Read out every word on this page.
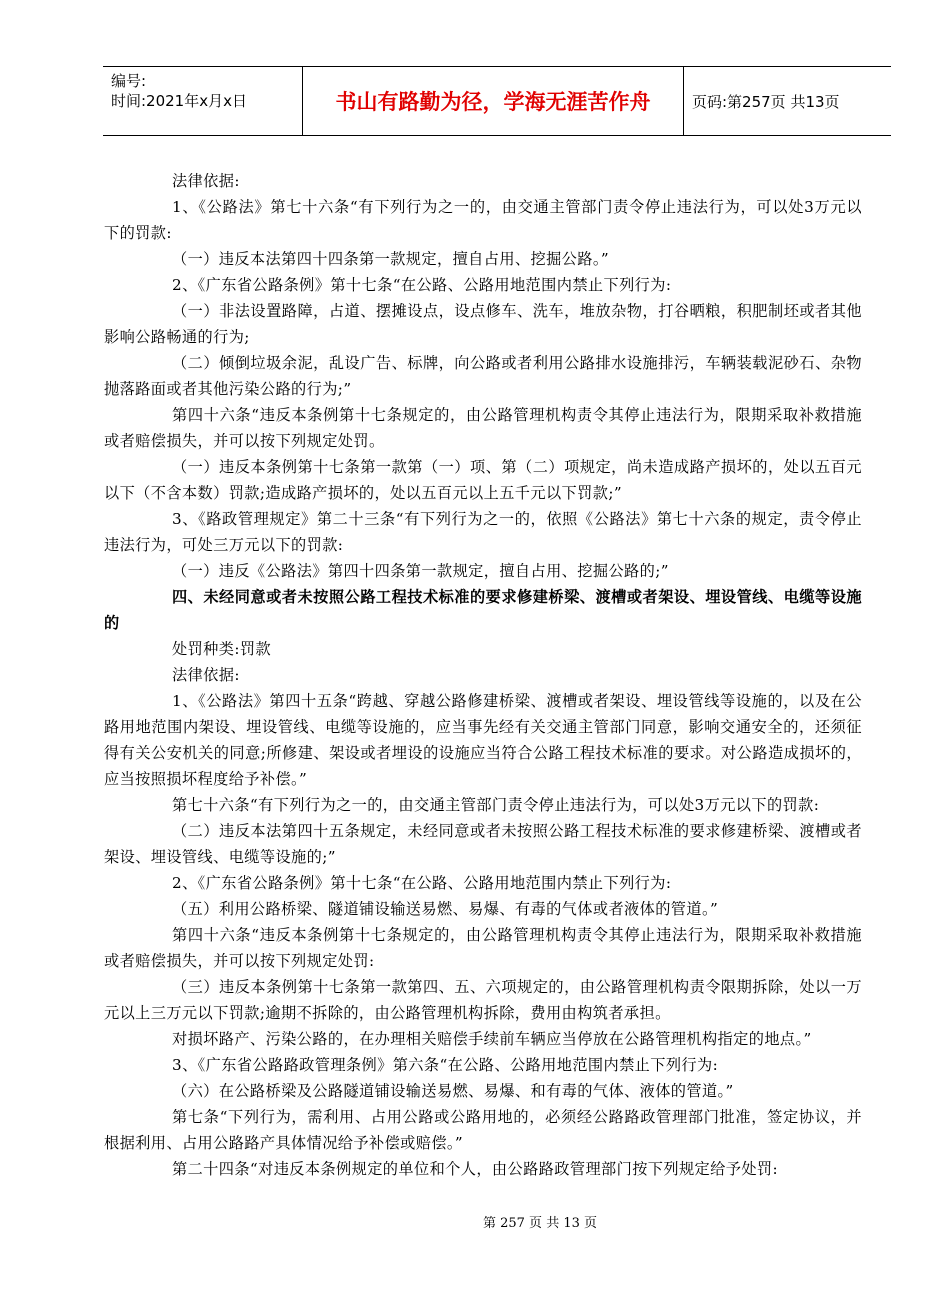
编号:
时间:2021年x月x日	书山有路勤为径，学海无涯苦作舟	页码:第257页 共13页

法律依据:

1、《公路法》第七十六条“有下列行为之一的，由交通主管部门责令停止违法行为，可以处3万元以下的罚款:

（一）违反本法第四十四条第一款规定，擅自占用、挖掘公路。”

2、《广东省公路条例》第十七条“在公路、公路用地范围内禁止下列行为:

（一）非法设置路障，占道、摆摊设点，设点修车、洗车，堆放杂物，打谷晒粮，积肥制坯或者其他影响公路畅通的行为;

（二）倾倒垃圾余泥，乱设广告、标牌，向公路或者利用公路排水设施排污，车辆装载泥砂石、杂物抛落路面或者其他污染公路的行为;”

第四十六条“违反本条例第十七条规定的，由公路管理机构责令其停止违法行为，限期采取补救措施或者赔偿损失，并可以按下列规定处罚。

（一）违反本条例第十七条第一款第（一）项、第（二）项规定，尚未造成路产损坏的，处以五百元以下（不含本数）罚款;造成路产损坏的，处以五百元以上五千元以下罚款;”

3、《路政管理规定》第二十三条“有下列行为之一的，依照《公路法》第七十六条的规定，责令停止违法行为，可处三万元以下的罚款:

（一）违反《公路法》第四十四条第一款规定，擅自占用、挖掘公路的;”

四、未经同意或者未按照公路工程技术标准的要求修建桥梁、渡槽或者架设、埋设管线、电缆等设施的

处罚种类:罚款

法律依据:

1、《公路法》第四十五条“跨越、穿越公路修建桥梁、渡槽或者架设、埋设管线等设施的，以及在公路用地范围内架设、埋设管线、电缆等设施的，应当事先经有关交通主管部门同意，影响交通安全的，还须征得有关公安机关的同意;所修建、架设或者埋设的设施应当符合公路工程技术标准的要求。对公路造成损坏的，应当按照损坏程度给予补偿。”

第七十六条“有下列行为之一的，由交通主管部门责令停止违法行为，可以处3万元以下的罚款:

（二）违反本法第四十五条规定，未经同意或者未按照公路工程技术标准的要求修建桥梁、渡槽或者架设、埋设管线、电缆等设施的;”

2、《广东省公路条例》第十七条“在公路、公路用地范围内禁止下列行为:

（五）利用公路桥梁、隧道铺设输送易燃、易爆、有毒的气体或者液体的管道。”

第四十六条“违反本条例第十七条规定的，由公路管理机构责令其停止违法行为，限期采取补救措施或者赔偿损失，并可以按下列规定处罚:

（三）违反本条例第十七条第一款第四、五、六项规定的，由公路管理机构责令限期拆除，处以一万元以上三万元以下罚款;逾期不拆除的，由公路管理机构拆除，费用由构筑者承担。

对损坏路产、污染公路的，在办理相关赔偿手续前车辆应当停放在公路管理机构指定的地点。”

3、《广东省公路路政管理条例》第六条“在公路、公路用地范围内禁止下列行为:

（六）在公路桥梁及公路隧道铺设输送易燃、易爆、和有毒的气体、液体的管道。”

第七条“下列行为，需利用、占用公路或公路用地的，必须经公路路政管理部门批准，签定协议，并根据利用、占用公路路产具体情况给予补偿或赔偿。”

第二十四条“对违反本条例规定的单位和个人，由公路路政管理部门按下列规定给予处罚:

第 257 页 共 13 页
